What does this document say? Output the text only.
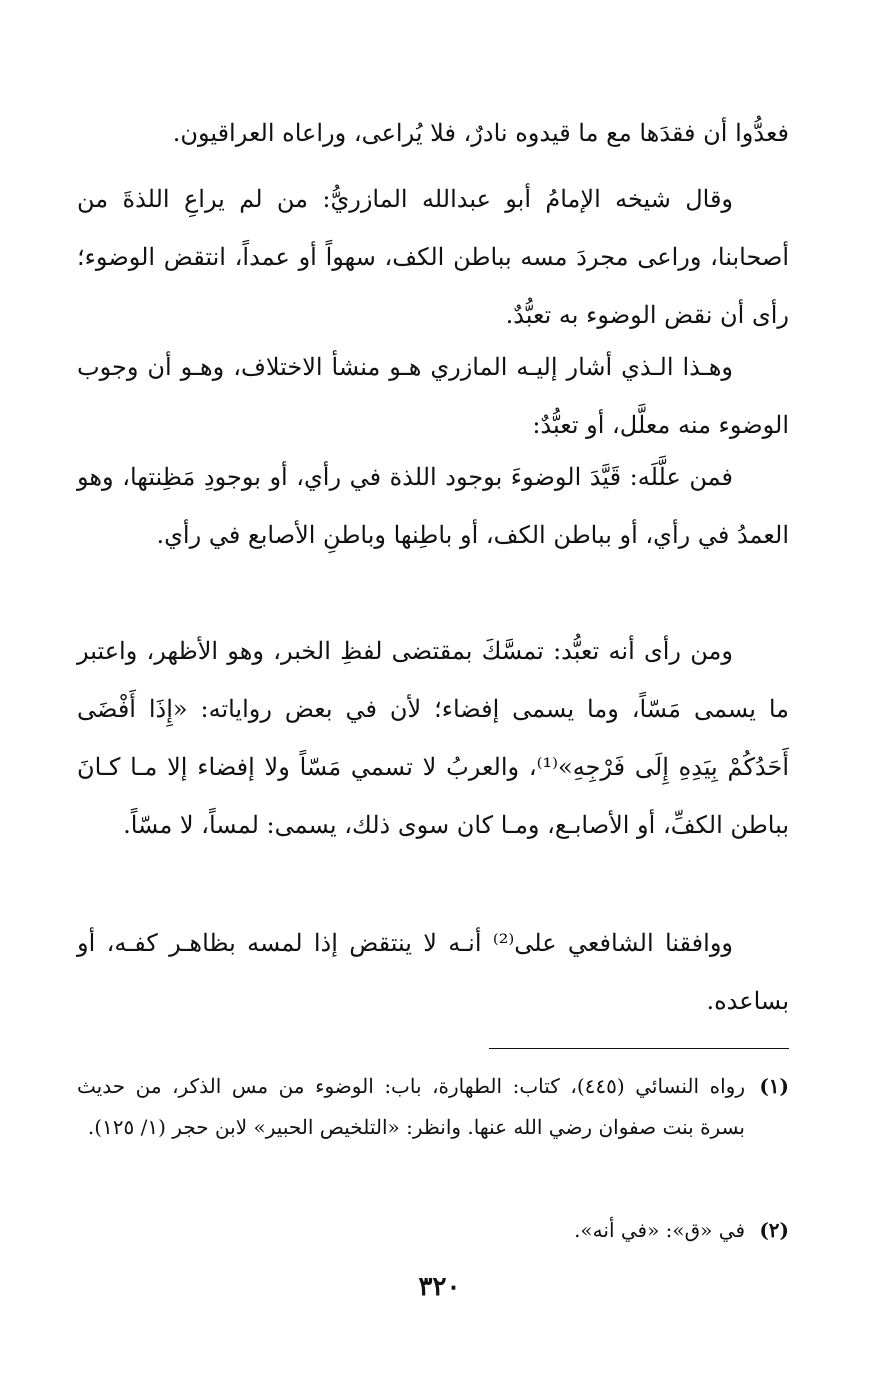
فعدُّوا أن فقدَها مع ما قيدوه نادرٌ، فلا يُراعى، وراعاه العراقيون.

وقال شيخه الإمامُ أبو عبدالله المازريُّ: من لم يراعِ اللذةَ من أصحابنا، وراعى مجردَ مسه بباطن الكف، سهواً أو عمداً، انتقض الوضوء؛ رأى أن نقض الوضوء به تعبُّدٌ.

وهـذا الـذي أشار إليـه المازري هـو منشأ الاختلاف، وهـو أن وجوب الوضوء منه معلَّل، أو تعبُّدٌ:

فمن علَّلَه: قَيَّدَ الوضوءَ بوجود اللذة في رأي، أو بوجودِ مَظِنتها، وهو العمدُ في رأي، أو بباطن الكف، أو باطِنها وباطنِ الأصابع في رأي.

ومن رأى أنه تعبُّد: تمسَّكَ بمقتضى لفظِ الخبر، وهو الأظهر، واعتبر ما يسمى مَسّاً، وما يسمى إفضاء؛ لأن في بعض رواياته: «إِذَا أَفْضَى أَحَدُكُمْ بِيَدِهِ إِلَى فَرْجِهِ»⁽¹⁾، والعربُ لا تسمي مَسّاً ولا إفضاء إلا مـا كـانَ بباطن الكفِّ، أو الأصابـع، ومـا كان سوى ذلك، يسمى: لمساً، لا مسّاً.

ووافقنا الشافعي على⁽²⁾ أنـه لا ينتقض إذا لمسه بظاهـر كفـه، أو بساعده.

(١)
رواه النسائي (٤٤٥)، كتاب: الطهارة، باب: الوضوء من مس الذكر، من حديث بسرة بنت صفوان رضي الله عنها. وانظر: «التلخيص الحبير» لابن حجر (١/ ١٢٥).
(٢)
في «ق»: «في أنه».
٣٢٠
